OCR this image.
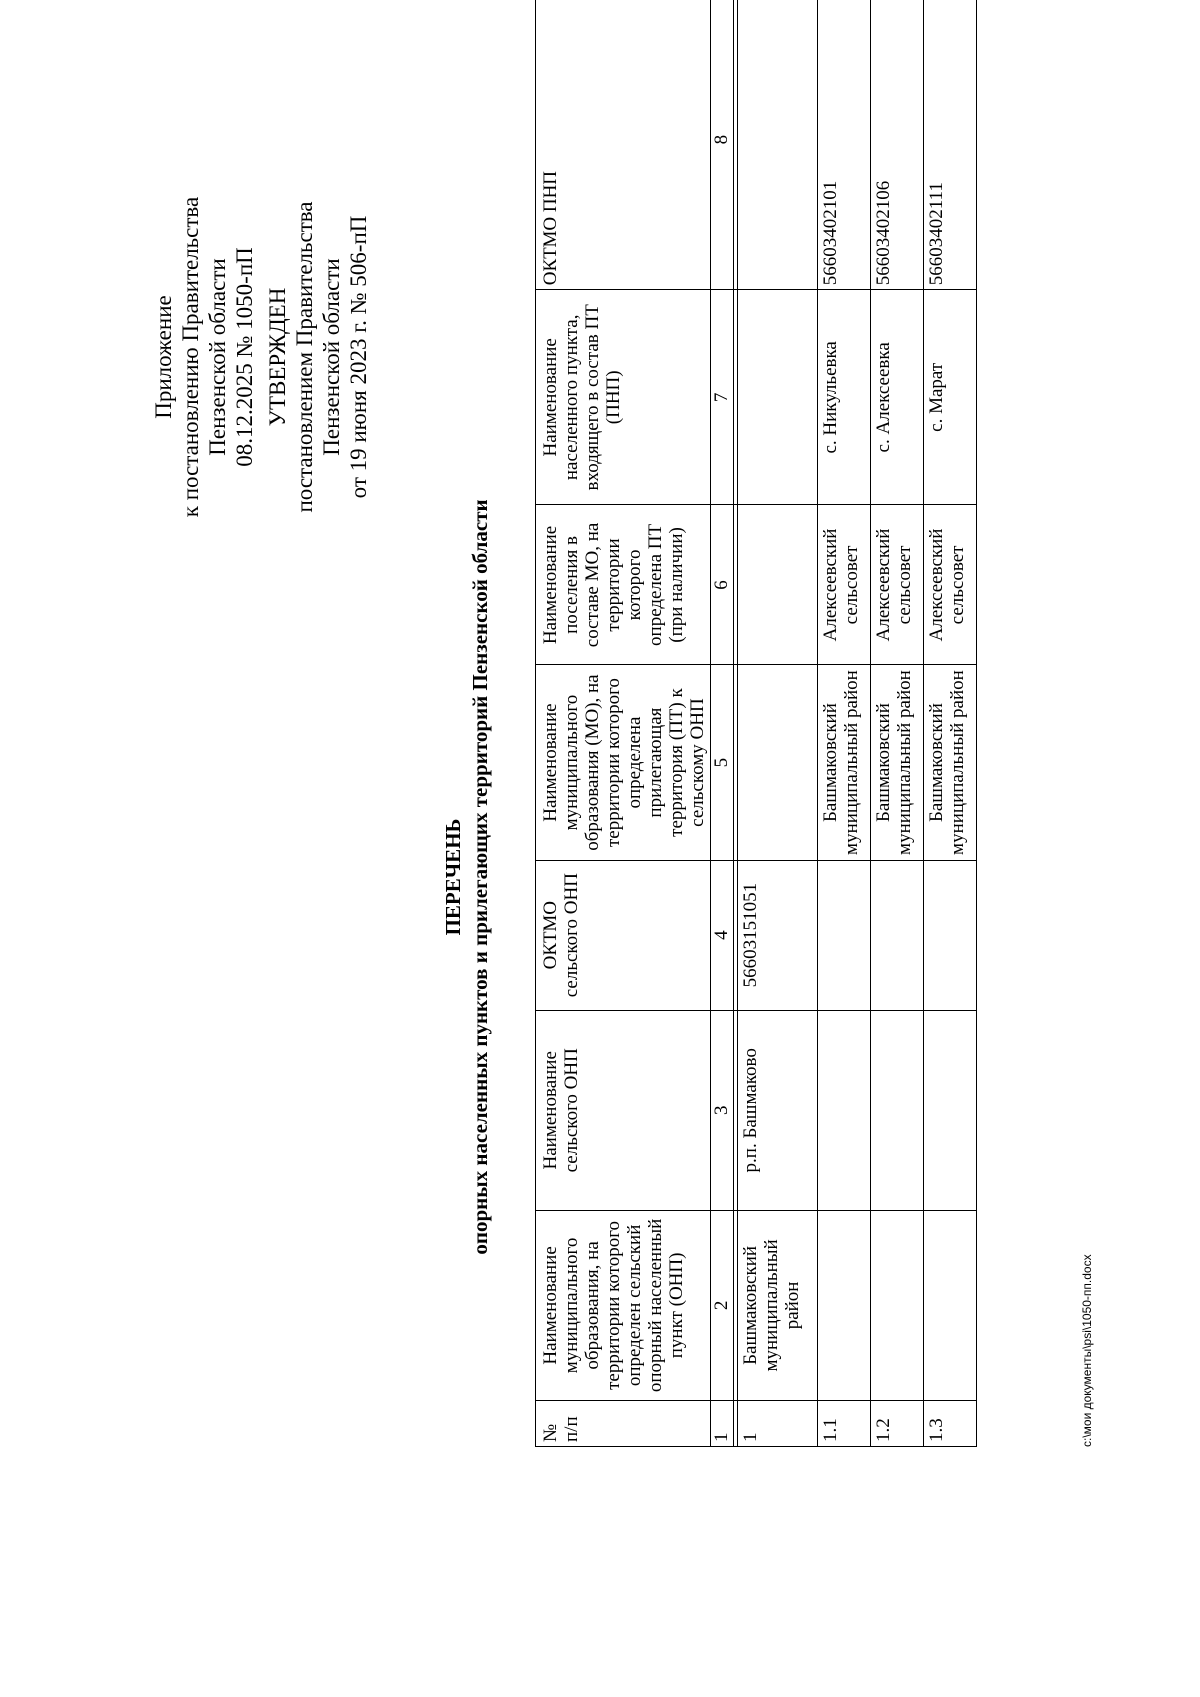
Приложение к постановлению Правительства Пензенской области 08.12.2025 № 1050-пП УТВЕРЖДЕН постановлением Правительства Пензенской области от 19 июня 2023 г. № 506-пП
ПЕРЕЧЕНЬ опорных населенных пунктов и прилегающих территорий Пензенской области
№ п/п	Наименование муниципального образования, на территории которого определен сельский опорный населенный пункт (ОНП)	Наименование сельского ОНП	ОКТМО сельского ОНП	Наименование муниципального образования (МО), на территории которого определена прилегающая территория (ПТ) к сельскому ОНП	Наименование поселения в составе МО, на территории которого определена ПТ (при наличии)	Наименование населенного пункта, входящего в состав ПТ (ПНП)	ОКТМО ПНП
1	2	3	4	5	6	7	8

1	Башмаковский муниципальный район	р.п. Башмаково	56603151051				
1.1				Башмаковский муниципальный район	Алексеевский сельсовет	с. Никульевка	56603402101
1.2				Башмаковский муниципальный район	Алексеевский сельсовет	с. Алексеевка	56603402106
1.3				Башмаковский муниципальный район	Алексеевский сельсовет	с. Марат	56603402111
c:\мои документы\psi\1050-пп.docx
